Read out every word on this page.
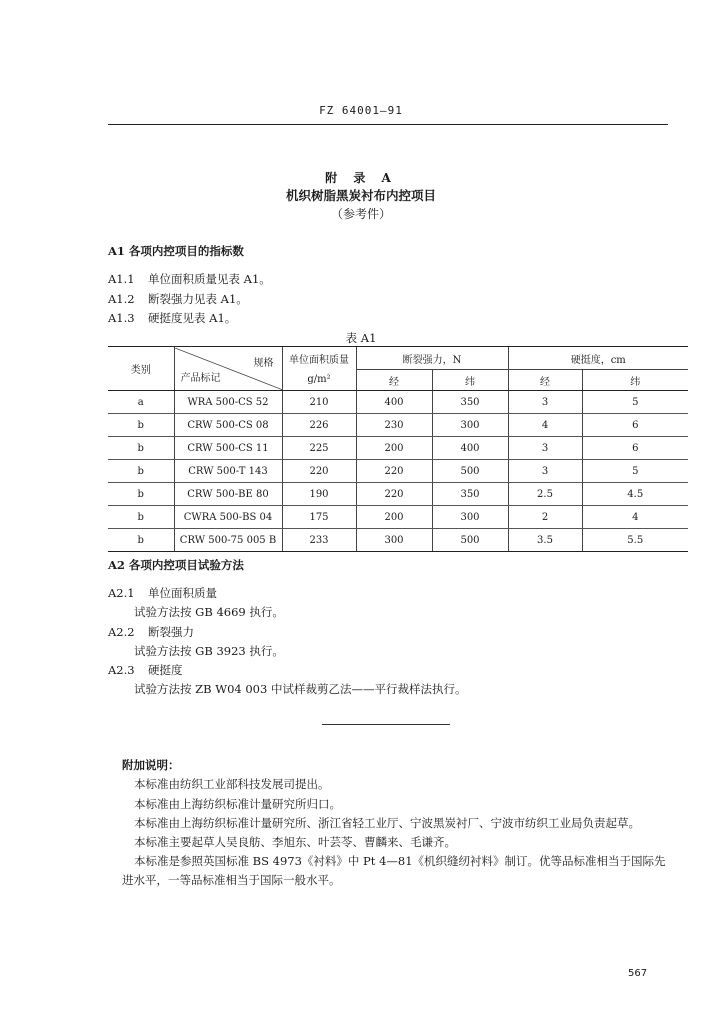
FZ 64001—91
附 录 A
机织树脂黑炭衬布内控项目
（参考件）
A1 各项内控项目的指标数
A1.1 单位面积质量见表 A1。
A1.2 断裂强力见表 A1。
A1.3 硬挺度见表 A1。
表 A1
类别	规格
产品标记	单位面积质量	断裂强力，N		硬挺度，cm	
		g/m²	经	纬	经	纬
a	WRA 500-CS 52	210	400	350	3	5
b	CRW 500-CS 08	226	230	300	4	6
b	CRW 500-CS 11	225	200	400	3	6
b	CRW 500-T 143	220	220	500	3	5
b	CRW 500-BE 80	190	220	350	2.5	4.5
b	CWRA 500-BS 04	175	200	300	2	4
b	CRW 500-75 005 B	233	300	500	3.5	5.5
A2 各项内控项目试验方法
A2.1 单位面积质量
试验方法按 GB 4669 执行。
A2.2 断裂强力
试验方法按 GB 3923 执行。
A2.3 硬挺度
试验方法按 ZB W04 003 中试样裁剪乙法——平行裁样法执行。
附加说明：
本标准由纺织工业部科技发展司提出。
本标准由上海纺织标准计量研究所归口。
本标准由上海纺织标准计量研究所、浙江省轻工业厅、宁波黑炭衬厂、宁波市纺织工业局负责起草。
本标准主要起草人吴良舫、李旭东、叶芸苓、曹麟来、毛谦齐。
本标准是参照英国标准 BS 4973《衬料》中 Pt 4—81《机织缝纫衬料》制订。优等品标准相当于国际先
进水平，一等品标准相当于国际一般水平。
567
